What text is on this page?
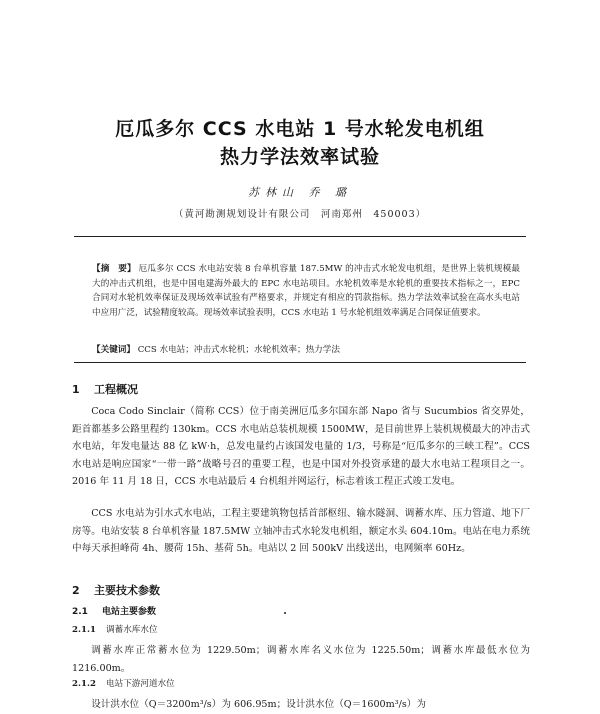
厄瓜多尔 CCS 水电站 1 号水轮发电机组
热力学法效率试验
苏林山 乔 璐
（黄河勘测规划设计有限公司　河南郑州　450003）
【摘　要】 厄瓜多尔 CCS 水电站安装 8 台单机容量 187.5MW 的冲击式水轮发电机组，是世界上装机规模最大的冲击式机组，也是中国电建海外最大的 EPC 水电站项目。水轮机效率是水轮机的重要技术指标之一，EPC 合同对水轮机效率保证及现场效率试验有严格要求，并规定有相应的罚款指标。热力学法效率试验在高水头电站中应用广泛，试验精度较高。现场效率试验表明，CCS 水电站 1 号水轮机组效率满足合同保证值要求。
【关键词】 CCS 水电站；冲击式水轮机；水轮机效率；热力学法
1 工程概况
Coca Codo Sinclair（简称 CCS）位于南美洲厄瓜多尔国东部 Napo 省与 Sucumbios 省交界处，距首都基多公路里程约 130km。CCS 水电站总装机规模 1500MW，是目前世界上装机规模最大的冲击式水电站，年发电量达 88 亿 kW·h，总发电量约占该国发电量的 1/3，号称是“厄瓜多尔的三峡工程”。CCS 水电站是响应国家“一带一路”战略号召的重要工程，也是中国对外投资承建的最大水电站工程项目之一。2016 年 11 月 18 日，CCS 水电站最后 4 台机组并网运行，标志着该工程正式竣工发电。
CCS 水电站为引水式水电站，工程主要建筑物包括首部枢纽、输水隧洞、调蓄水库、压力管道、地下厂房等。电站安装 8 台单机容量 187.5MW 立轴冲击式水轮发电机组，额定水头 604.10m。电站在电力系统中每天承担峰荷 4h、腰荷 15h、基荷 5h。电站以 2 回 500kV 出线送出，电网频率 60Hz。
2 主要技术参数
2.1 电站主要参数
2.1.1 调蓄水库水位
调蓄水库正常蓄水位为 1229.50m；调蓄水库名义水位为 1225.50m；调蓄水库最低水位为 1216.00m。
2.1.2 电站下游河道水位
设计洪水位（Q＝3200m³/s）为 606.95m；设计洪水位（Q＝1600m³/s）为
